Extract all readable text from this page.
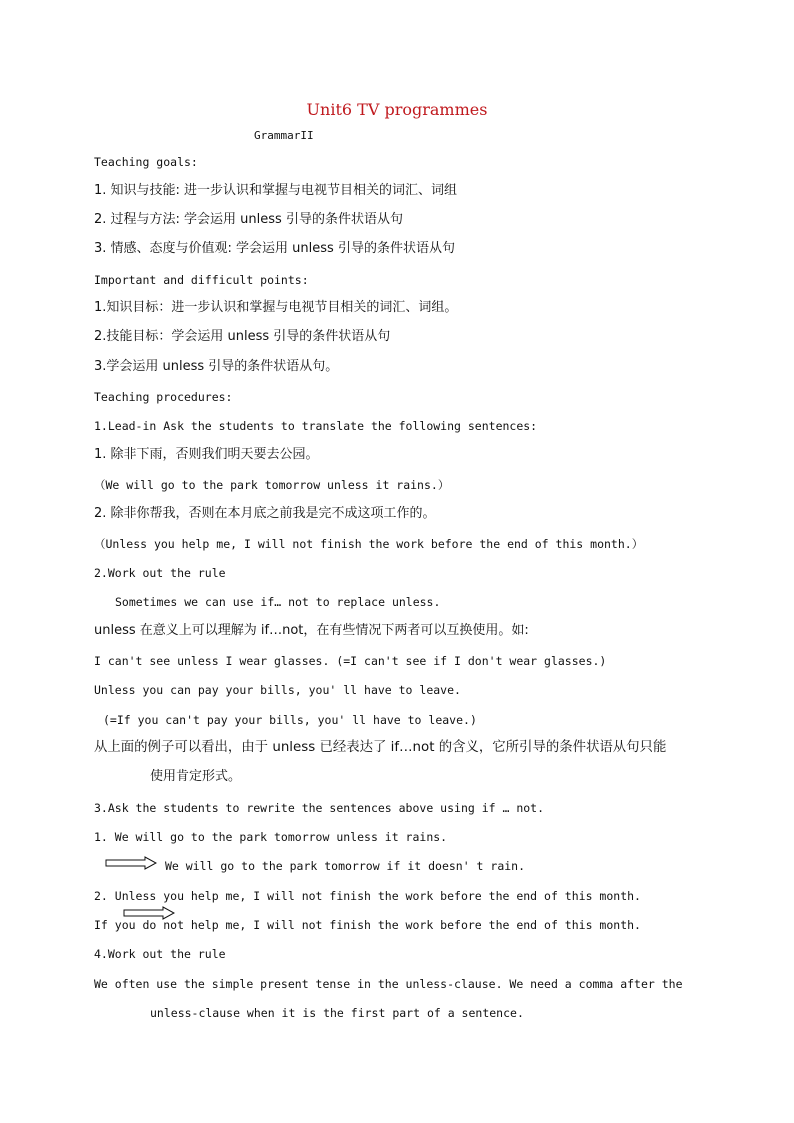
Unit6 TV programmes
GrammarII
Teaching goals:
1. 知识与技能: 进一步认识和掌握与电视节目相关的词汇、词组
2. 过程与方法: 学会运用 unless 引导的条件状语从句
3. 情感、态度与价值观: 学会运用 unless 引导的条件状语从句
Important and difficult points:
1.知识目标：进一步认识和掌握与电视节目相关的词汇、词组。
2.技能目标：学会运用 unless 引导的条件状语从句
3.学会运用 unless 引导的条件状语从句。
Teaching procedures:
1.Lead-in Ask the students to translate the following sentences:
1. 除非下雨，否则我们明天要去公园。
（We will go to the park tomorrow unless it rains.）
2. 除非你帮我，否则在本月底之前我是完不成这项工作的。
（Unless you help me, I will not finish the work before the end of this month.）
2.Work out the rule
Sometimes we can use if… not to replace unless.
unless 在意义上可以理解为 if…not，在有些情况下两者可以互换使用。如:
I can't see unless I wear glasses. (=I can't see if I don't wear glasses.)
Unless you can pay your bills, you' ll have to leave.
(=If you can't pay your bills, you' ll have to leave.)
从上面的例子可以看出，由于 unless 已经表达了 if…not 的含义，它所引导的条件状语从句只能
使用肯定形式。
3.Ask the students to rewrite the sentences above using if … not.
1. We will go to the park tomorrow unless it rains.
We will go to the park tomorrow if it doesn' t rain.
2. Unless you help me, I will not finish the work before the end of this month.
If you do not help me, I will not finish the work before the end of this month.
4.Work out the rule
We often use the simple present tense in the unless-clause. We need a comma after the
unless-clause when it is the first part of a sentence.
